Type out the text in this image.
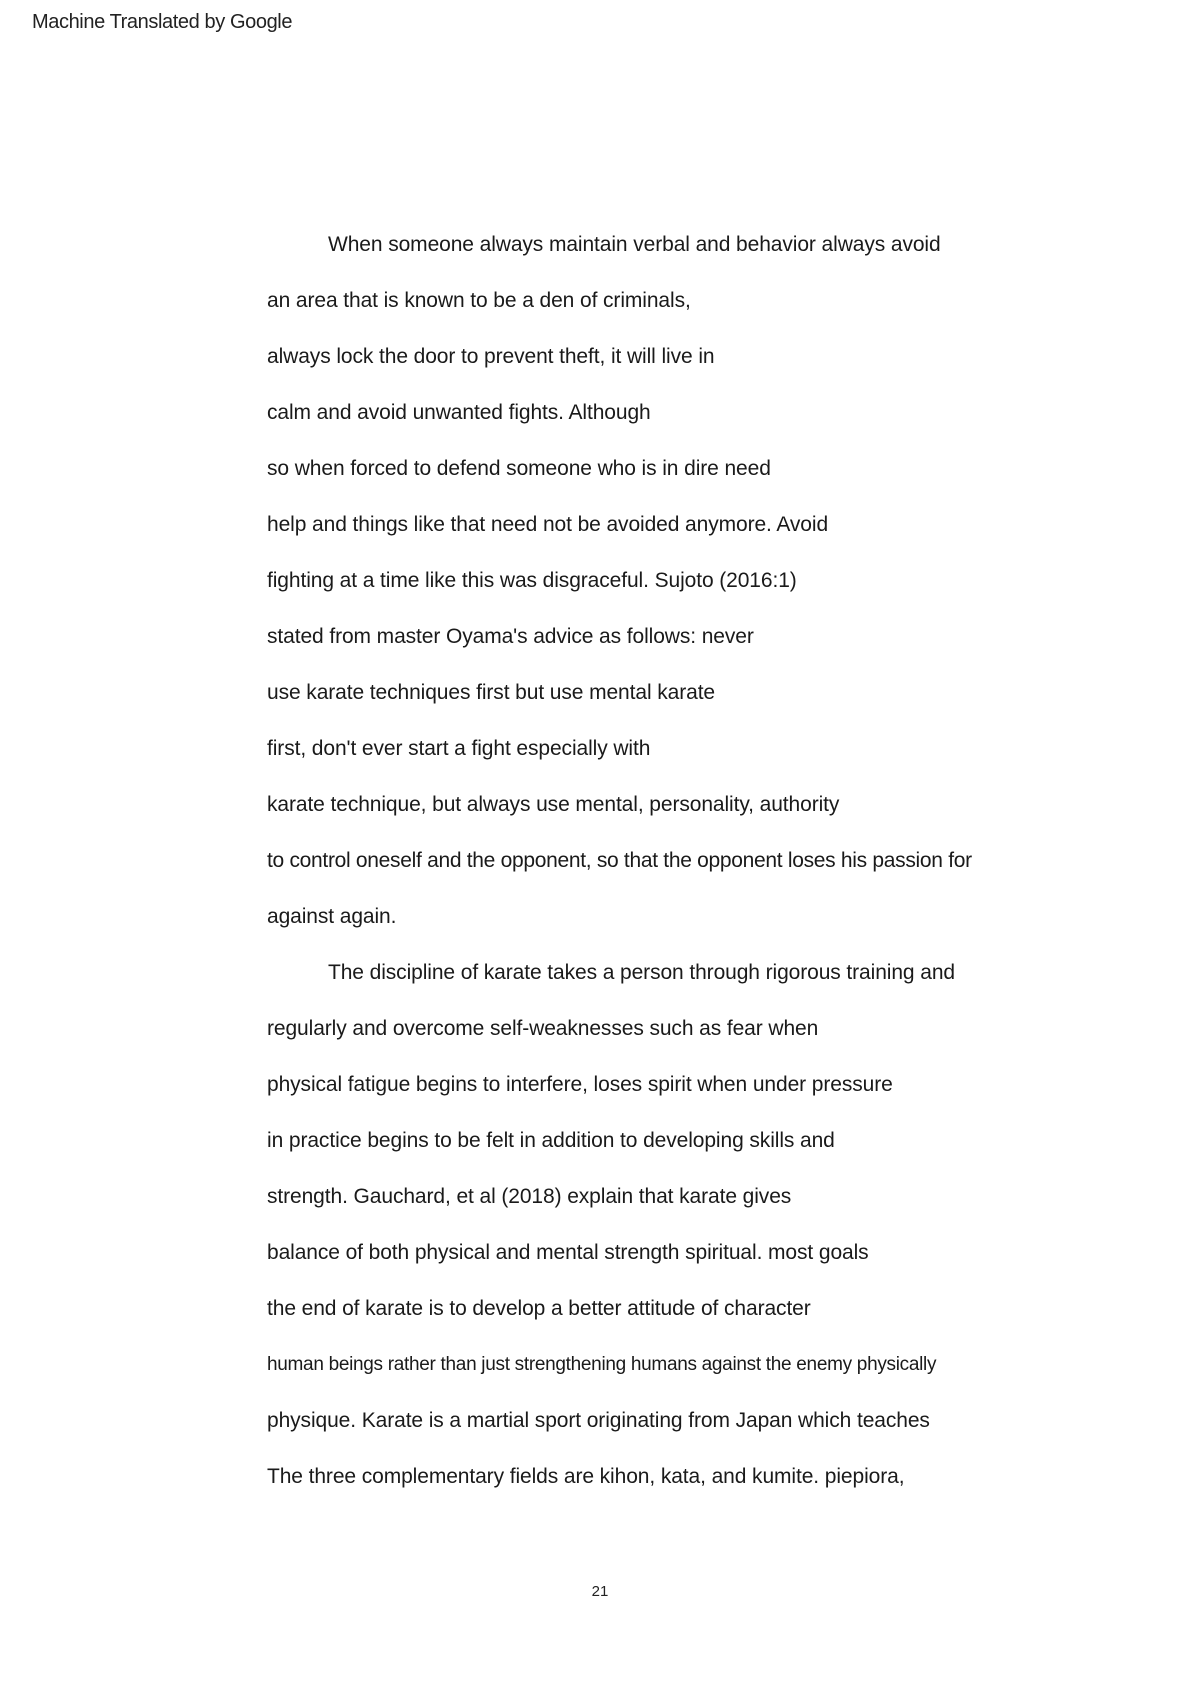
Machine Translated by Google
When someone always maintain verbal and behavior always avoid
an area that is known to be a den of criminals,
always lock the door to prevent theft, it will live in
calm and avoid unwanted fights. Although
so when forced to defend someone who is in dire need
help and things like that need not be avoided anymore. Avoid
fighting at a time like this was disgraceful. Sujoto (2016:1)
stated from master Oyama's advice as follows: never
use karate techniques first but use mental karate
first, don't ever start a fight especially with
karate technique, but always use mental, personality, authority
to control oneself and the opponent, so that the opponent loses his passion for
against again.
The discipline of karate takes a person through rigorous training and
regularly and overcome self-weaknesses such as fear when
physical fatigue begins to interfere, loses spirit when under pressure
in practice begins to be felt in addition to developing skills and
strength. Gauchard, et al (2018) explain that karate gives
balance of both physical and mental strength spiritual. most goals
the end of karate is to develop a better attitude of character
human beings rather than just strengthening humans against the enemy physically
physique. Karate is a martial sport originating from Japan which teaches
The three complementary fields are kihon, kata, and kumite. piepiora,
21
